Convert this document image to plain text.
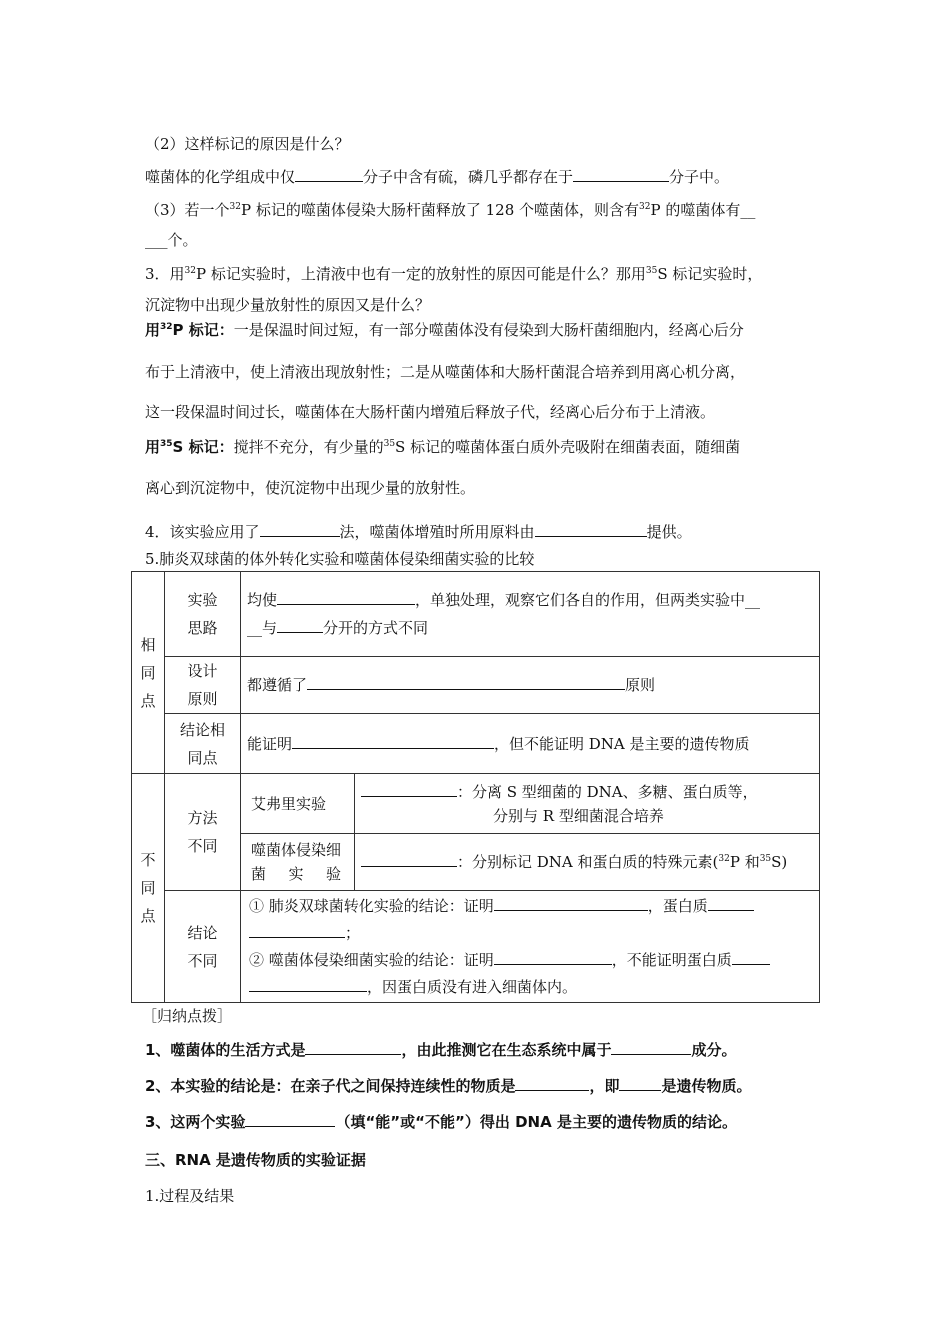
（2）这样标记的原因是什么？
噬菌体的化学组成中仅	分子中含有硫，磷几乎都存在于	分子中。
（3）若一个$^{32}$P 标记的噬菌体侵染大肠杆菌释放了 128 个噬菌体，则含有$^{32}$P 的噬菌体有__
___个。
3．用$^{32}$P 标记实验时，上清液中也有一定的放射性的原因可能是什么？那用$^{35}$S 标记实验时，
沉淀物中出现少量放射性的原因又是什么？
用$^{32}$P 标记：一是保温时间过短，有一部分噬菌体没有侵染到大肠杆菌细胞内，经离心后分
布于上清液中，使上清液出现放射性；二是从噬菌体和大肠杆菌混合培养到用离心机分离，
这一段保温时间过长，噬菌体在大肠杆菌内增殖后释放子代，经离心后分布于上清液。
用$^{35}$S 标记：搅拌不充分，有少量的$^{35}$S 标记的噬菌体蛋白质外壳吸附在细菌表面，随细菌
离心到沉淀物中，使沉淀物中出现少量的放射性。
4．该实验应用了	法，噬菌体增殖时所用原料由	提供。
5.肺炎双球菌的体外转化实验和噬菌体侵染细菌实验的比较
相同点	实验思路	均使 ，单独处理，观察它们各自的作用，但两类实验中__
__与 分开的方式不同	

	设计原则	都遵循了 原则	

	结论相同点	能证明 ，但不能证明 DNA 是主要的遗传物质	

不同点	方法不同	艾弗里实验	：分离 S 型细菌的 DNA、多糖、蛋白质等，
分别与 R 型细菌混合培养

		噬菌体侵染细菌实验	：分别标记 DNA 和蛋白质的特殊元素($^{32}$P 和$^{35}$S)

	结论不同	① 肺炎双球菌转化实验的结论：证明 ，蛋白质
；
② 噬菌体侵染细菌实验的结论：证明 ，不能证明蛋白质
，因蛋白质没有进入细菌体内。	
［归纳点拨］
1、噬菌体的生活方式是	，由此推测它在生态系统中属于	成分。
2、本实验的结论是：在亲子代之间保持连续性的物质是	，即	是遗传物质。
3、这两个实验	（填“能”或“不能”）得出 DNA 是主要的遗传物质的结论。
三、RNA 是遗传物质的实验证据
1.过程及结果
